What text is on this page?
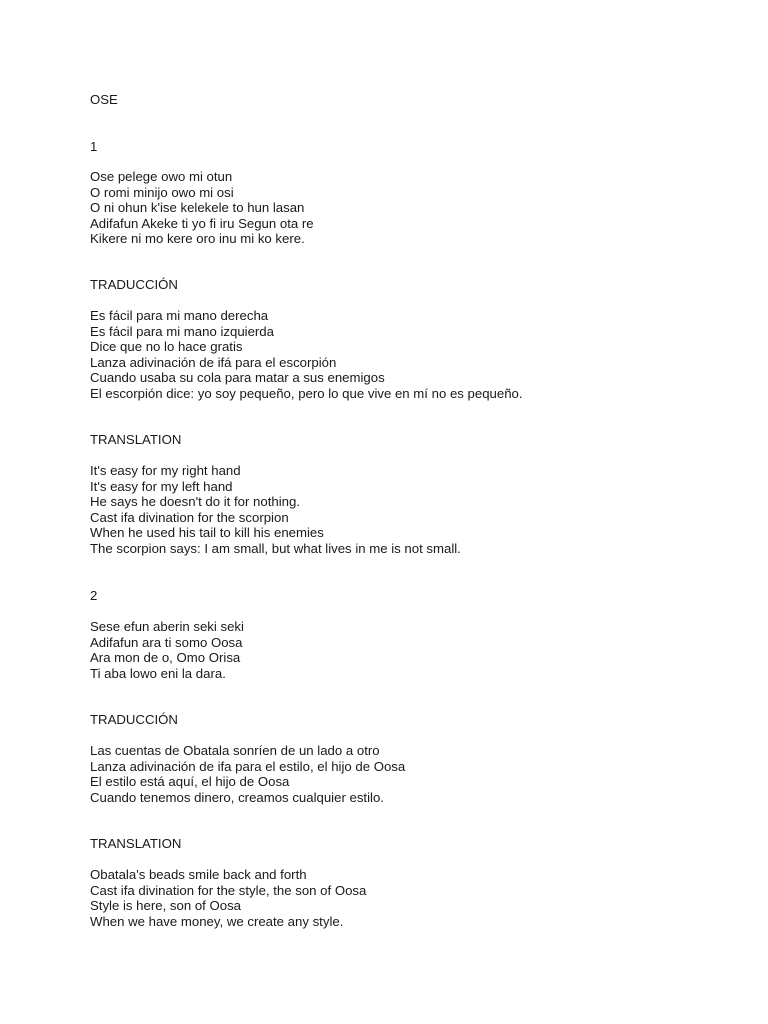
OSE
1
Ose pelege owo mi otun
O romi minijo owo mi osi
O ni ohun k'ise kelekele to hun lasan
Adifafun Akeke ti yo fi iru Segun ota re
Kikere ni mo kere oro inu mi ko kere.
TRADUCCIÓN
Es fácil para mi mano derecha
Es fácil para mi mano izquierda
Dice que no lo hace gratis
Lanza adivinación de ifá para el escorpión
Cuando usaba su cola para matar a sus enemigos
El escorpión dice: yo soy pequeño, pero lo que vive en mí no es pequeño.
TRANSLATION
It's easy for my right hand
It's easy for my left hand
He says he doesn't do it for nothing.
Cast ifa divination for the scorpion
When he used his tail to kill his enemies
The scorpion says: I am small, but what lives in me is not small.
2
Sese efun aberin seki seki
Adifafun ara ti somo Oosa
Ara mon de o, Omo Orisa
Ti aba lowo eni la dara.
TRADUCCIÓN
Las cuentas de Obatala sonríen de un lado a otro
Lanza adivinación de ifa para el estilo, el hijo de Oosa
El estilo está aquí, el hijo de Oosa
Cuando tenemos dinero, creamos cualquier estilo.
TRANSLATION
Obatala's beads smile back and forth
Cast ifa divination for the style, the son of Oosa
Style is here, son of Oosa
When we have money, we create any style.
